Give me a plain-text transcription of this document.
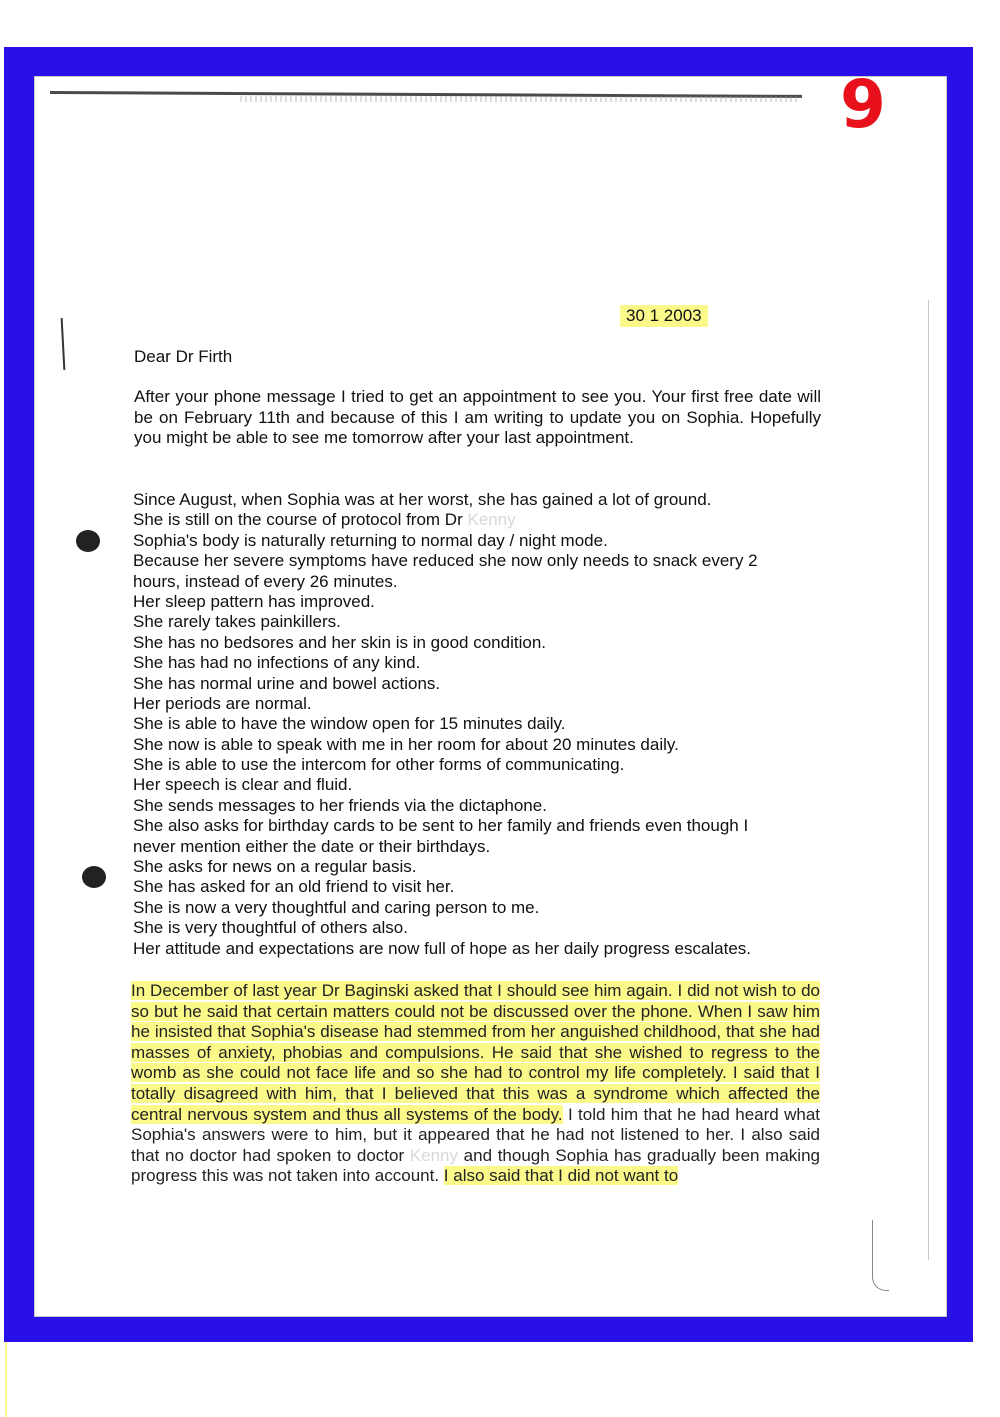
9
30 1 2003
Dear Dr Firth
After your phone message I tried to get an appointment to see you. Your first free date will be on February 11th and because of this I am writing to update you on Sophia. Hopefully you might be able to see me tomorrow after your last appointment.
Since August, when Sophia was at her worst, she has gained a lot of ground.
She is still on the course of protocol from Dr Kenny
Sophia's body is naturally returning to normal day / night mode.
Because her severe symptoms have reduced she now only needs to snack every 2
hours, instead of every 26 minutes.
Her sleep pattern has improved.
She rarely takes painkillers.
She has no bedsores and her skin is in good condition.
She has had no infections of any kind.
She has normal urine and bowel actions.
Her periods are normal.
She is able to have the window open for 15 minutes daily.
She now is able to speak with me in her room for about 20 minutes daily.
She is able to use the intercom for other forms of communicating.
Her speech is clear and fluid.
She sends messages to her friends via the dictaphone.
She also asks for birthday cards to be sent to her family and friends even though I
never mention either the date or their birthdays.
She asks for news on a regular basis.
She has asked for an old friend to visit her.
She is now a very thoughtful and caring person to me.
She is very thoughtful of others also.
Her attitude and expectations are now full of hope as her daily progress escalates.
In December of last year Dr Baginski asked that I should see him again. I did not wish to do so but he said that certain matters could not be discussed over the phone. When I saw him he insisted that Sophia's disease had stemmed from her anguished childhood, that she had masses of anxiety, phobias and compulsions. He said that she wished to regress to the womb as she could not face life and so she had to control my life completely. I said that I totally disagreed with him, that I believed that this was a syndrome which affected the central nervous system and thus all systems of the body. I told him that he had heard what Sophia's answers were to him, but it appeared that he had not listened to her. I also said that no doctor had spoken to doctor Kenny and though Sophia has gradually been making progress this was not taken into account. I also said that I did not want to
